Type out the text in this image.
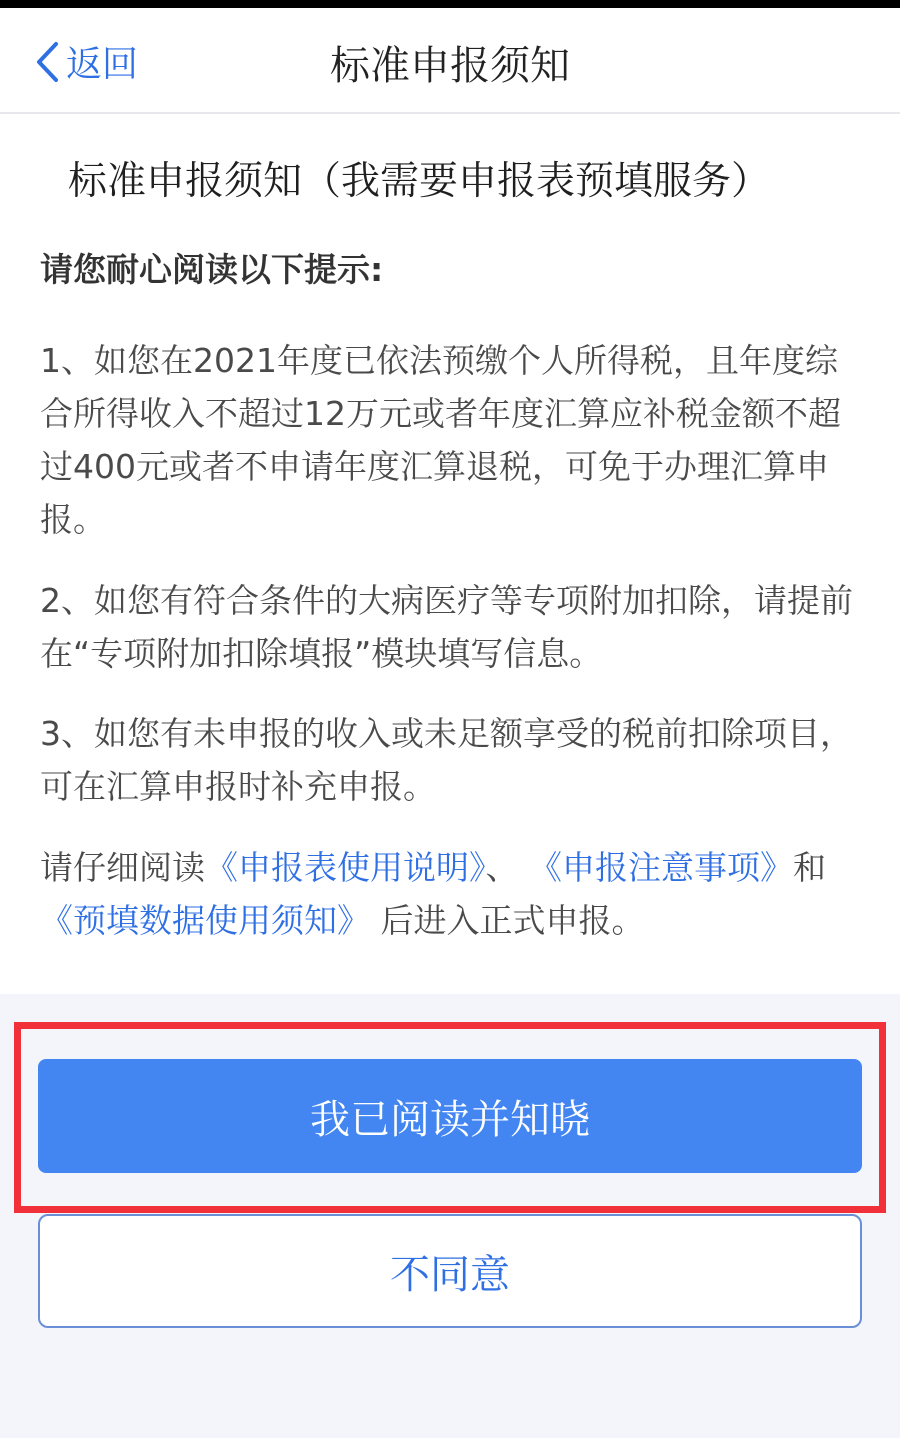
返回	标准申报须知
标准申报须知（我需要申报表预填服务）
请您耐心阅读以下提示:
1、如您在2021年度已依法预缴个人所得税，且年度综合所得收入不超过12万元或者年度汇算应补税金额不超过400元或者不申请年度汇算退税，可免于办理汇算申报。
2、如您有符合条件的大病医疗等专项附加扣除，请提前在“专项附加扣除填报”模块填写信息。
3、如您有未申报的收入或未足额享受的税前扣除项目，可在汇算申报时补充申报。
请仔细阅读《申报表使用说明》、 《申报注意事项》和 《预填数据使用须知》 后进入正式申报。
我已阅读并知晓
不同意
